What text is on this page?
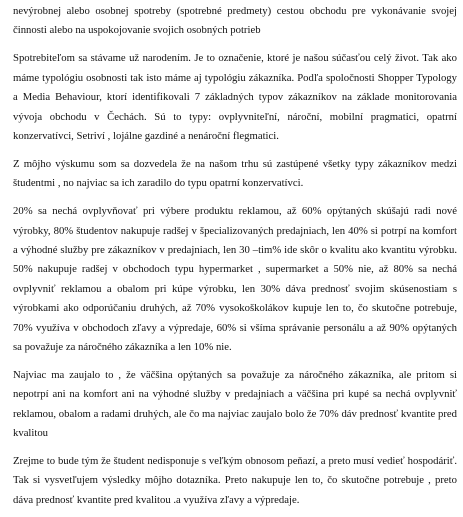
nevýrobnej alebo osobnej spotreby (spotrebné predmety) cestou obchodu pre vykonávanie svojej činnosti alebo na uspokojovanie svojich osobných potrieb

Spotrebiteľom sa stávame už narodením. Je to označenie, ktoré je našou súčasťou celý život. Tak ako máme typológiu osobnosti tak isto máme aj typológiu zákazníka. Podľa spoločnosti Shopper Typology a Media Behaviour, ktorí identifikovali 7 základných typov zákazníkov na základe monitorovania vývoja obchodu v Čechách. Sú to typy: ovplyvniteľní, nároční, mobilní pragmatici, opatrní konzervatívci, Setriví , lojálne gazdiné a nenároční flegmatici.

Z môjho výskumu som sa dozvedela že na našom trhu sú zastúpené všetky typy zákazníkov medzi študentmi , no najviac sa ich zaradilo do typu opatrní konzervatívci.

20% sa nechá ovplyvňovať pri výbere produktu reklamou, až 60% opýtaných skúšajú radi nové výrobky, 80% študentov nakupuje radšej v špecializovaných predajniach, len 40% si potrpí na komfort a výhodné služby pre zákazníkov v predajniach, len 30 –tim% ide skôr o kvalitu ako kvantitu výrobku. 50% nakupuje radšej v obchodoch typu hypermarket , supermarket a 50% nie, až 80% sa nechá ovplyvniť reklamou a obalom pri kúpe výrobku, len 30% dáva prednosť svojim skúsenostiam s výrobkami ako odporúčaniu druhých, až 70% vysokoškolákov kupuje len to, čo skutočne potrebuje, 70% využíva v obchodoch zľavy a výpredaje, 60% si všíma správanie personálu a až 90% opýtaných sa považuje za náročného zákazníka a len 10% nie.

Najviac ma zaujalo to , že väčšina opýtaných sa považuje za náročného zákazníka, ale pritom si nepotrpí ani na komfort ani na výhodné služby v predajniach a väčšina pri kupé sa nechá ovplyvniť reklamou, obalom a radami druhých, ale čo ma najviac zaujalo bolo že 70% dáv prednosť kvantite pred kvalitou

Zrejme to bude tým že študent nedisponuje s veľkým obnosom peňazí, a preto musí vedieť hospodáriť. Tak si vysvetľujem výsledky môjho dotazníka. Preto nakupuje len to, čo skutočne potrebuje , preto dáva prednosť kvantite pred kvalitou .a využíva zľavy a výpredaje.
